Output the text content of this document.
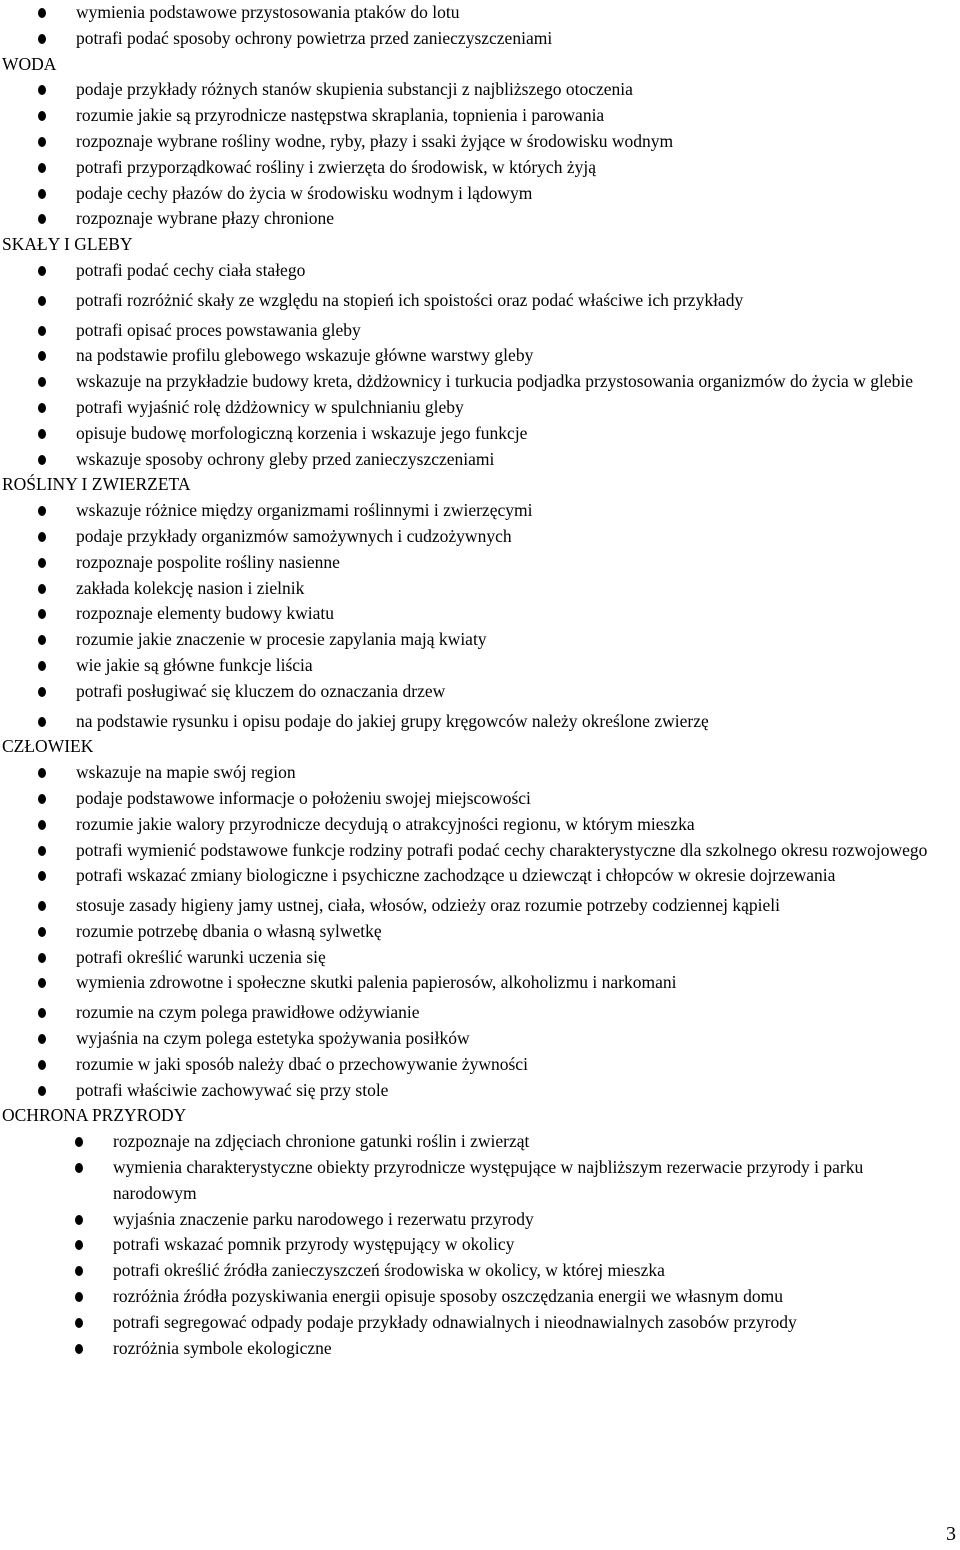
wymienia podstawowe przystosowania ptaków do lotu
potrafi podać sposoby ochrony powietrza przed zanieczyszczeniami
WODA
podaje przykłady różnych stanów skupienia substancji z najbliższego otoczenia
rozumie jakie są przyrodnicze następstwa skraplania, topnienia i parowania
rozpoznaje wybrane rośliny wodne, ryby, płazy i ssaki żyjące w środowisku wodnym
potrafi przyporządkować rośliny i zwierzęta do środowisk, w których żyją
podaje cechy płazów do życia w środowisku wodnym i lądowym
rozpoznaje wybrane płazy chronione
SKAŁY I GLEBY
potrafi podać cechy ciała stałego
potrafi rozróżnić skały ze względu na stopień ich spoistości oraz podać właściwe ich przykłady
potrafi opisać proces powstawania gleby
na podstawie profilu glebowego wskazuje główne warstwy gleby
wskazuje na przykładzie budowy kreta, dżdżownicy i turkucia podjadka przystosowania organizmów do życia w glebie
potrafi wyjaśnić rolę dżdżownicy w spulchnianiu gleby
opisuje budowę morfologiczną korzenia i wskazuje jego funkcje
wskazuje sposoby ochrony gleby przed zanieczyszczeniami
ROŚLINY I ZWIERZETA
wskazuje różnice między organizmami roślinnymi i zwierzęcymi
podaje przykłady organizmów samożywnych i cudzożywnych
rozpoznaje pospolite rośliny nasienne
zakłada kolekcję nasion i zielnik
rozpoznaje elementy budowy kwiatu
rozumie jakie znaczenie w procesie zapylania mają kwiaty
wie jakie są główne funkcje liścia
potrafi posługiwać się kluczem do oznaczania drzew
na podstawie rysunku i opisu podaje do jakiej grupy kręgowców należy określone zwierzę
CZŁOWIEK
wskazuje na mapie swój region
podaje podstawowe informacje o położeniu swojej miejscowości
rozumie jakie walory przyrodnicze decydują o atrakcyjności regionu, w którym mieszka
potrafi wymienić podstawowe funkcje rodziny potrafi podać cechy charakterystyczne dla szkolnego okresu rozwojowego
potrafi wskazać zmiany biologiczne i psychiczne zachodzące u dziewcząt i chłopców w okresie dojrzewania
stosuje zasady higieny jamy ustnej, ciała, włosów, odzieży oraz rozumie potrzeby codziennej kąpieli
rozumie potrzebę dbania o własną sylwetkę
potrafi określić warunki uczenia się
wymienia zdrowotne i społeczne skutki palenia papierosów, alkoholizmu i narkomani
rozumie na czym polega prawidłowe odżywianie
wyjaśnia na czym polega estetyka spożywania posiłków
rozumie w jaki sposób należy dbać o przechowywanie żywności
potrafi właściwie zachowywać się przy stole
OCHRONA PRZYRODY
rozpoznaje na zdjęciach chronione gatunki roślin i zwierząt
wymienia charakterystyczne obiekty przyrodnicze występujące w najbliższym rezerwacie przyrody i parku narodowym
wyjaśnia znaczenie parku narodowego i rezerwatu przyrody
potrafi wskazać pomnik przyrody występujący w okolicy
potrafi określić źródła zanieczyszczeń środowiska w okolicy, w której mieszka
rozróżnia źródła pozyskiwania energii opisuje sposoby oszczędzania energii we własnym domu
potrafi segregować odpady podaje przykłady odnawialnych i nieodnawialnych zasobów przyrody
rozróżnia symbole ekologiczne
3
